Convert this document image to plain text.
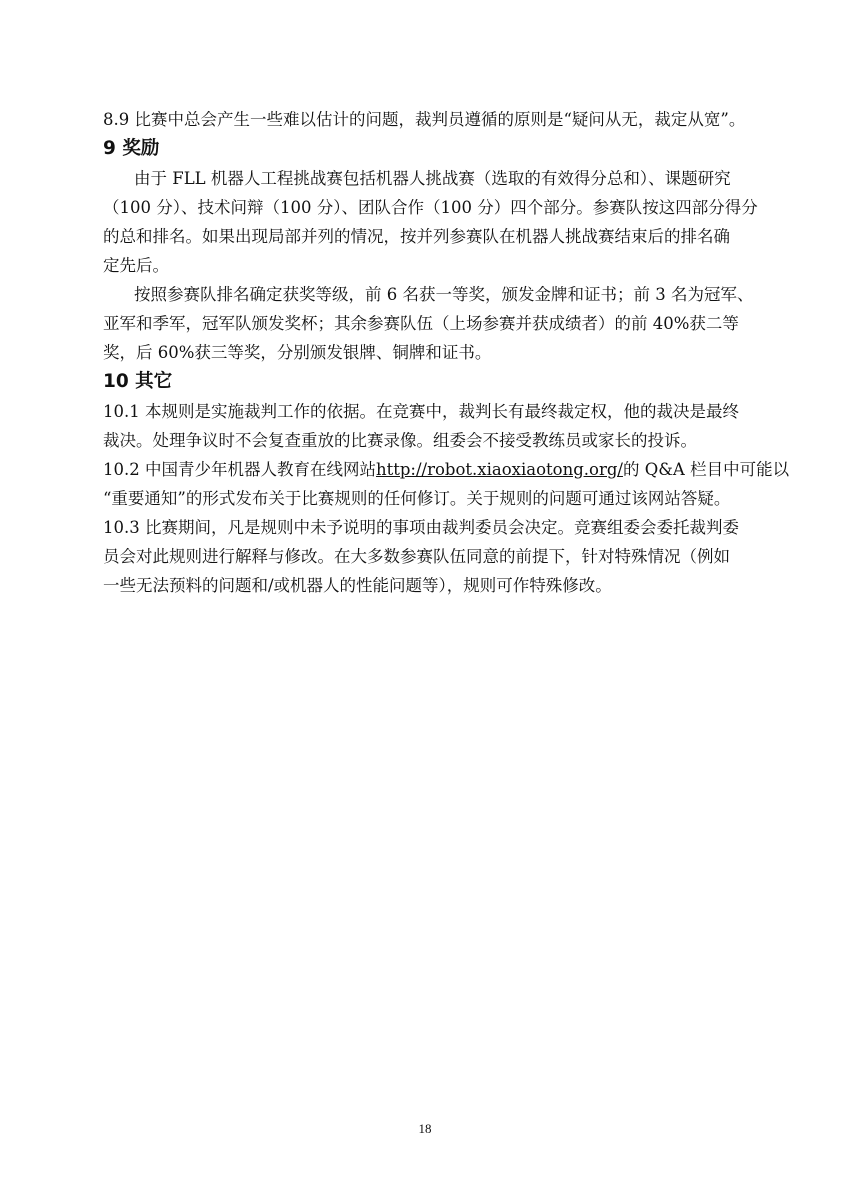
8.9 比赛中总会产生一些难以估计的问题，裁判员遵循的原则是“疑问从无，裁定从宽”。
9 奖励
由于 FLL 机器人工程挑战赛包括机器人挑战赛（选取的有效得分总和）、课题研究
（100 分）、技术问辩（100 分）、团队合作（100 分）四个部分。参赛队按这四部分得分
的总和排名。如果出现局部并列的情况，按并列参赛队在机器人挑战赛结束后的排名确
定先后。
按照参赛队排名确定获奖等级，前 6 名获一等奖，颁发金牌和证书；前 3 名为冠军、
亚军和季军，冠军队颁发奖杯；其余参赛队伍（上场参赛并获成绩者）的前 40%获二等
奖，后 60%获三等奖，分别颁发银牌、铜牌和证书。
10 其它
10.1 本规则是实施裁判工作的依据。在竞赛中，裁判长有最终裁定权，他的裁决是最终
裁决。处理争议时不会复查重放的比赛录像。组委会不接受教练员或家长的投诉。
10.2 中国青少年机器人教育在线网站http://robot.xiaoxiaotong.org/的 Q&A 栏目中可能以
“重要通知”的形式发布关于比赛规则的任何修订。关于规则的问题可通过该网站答疑。
10.3 比赛期间，凡是规则中未予说明的事项由裁判委员会决定。竞赛组委会委托裁判委
员会对此规则进行解释与修改。在大多数参赛队伍同意的前提下，针对特殊情况（例如
一些无法预料的问题和/或机器人的性能问题等），规则可作特殊修改。
18
